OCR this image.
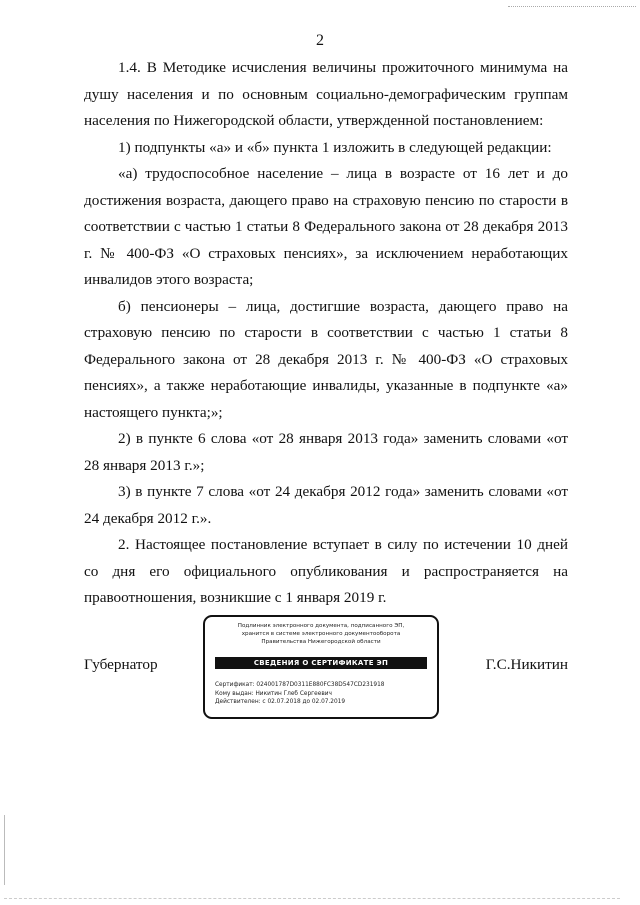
2

1.4. В Методике исчисления величины прожиточного минимума на душу населения и по основным социально-демографическим группам населения по Нижегородской области, утвержденной постановлением:

1) подпункты «а» и «б» пункта 1 изложить в следующей редакции:

«а) трудоспособное население – лица в возрасте от 16 лет и до достижения возраста, дающего право на страховую пенсию по старости в соответствии с частью 1 статьи 8 Федерального закона от 28 декабря 2013 г. № 400-ФЗ «О страховых пенсиях», за исключением неработающих инвалидов этого возраста;

б) пенсионеры – лица, достигшие возраста, дающего право на страховую пенсию по старости в соответствии с частью 1 статьи 8 Федерального закона от 28 декабря 2013 г. № 400-ФЗ «О страховых пенсиях», а также неработающие инвалиды, указанные в подпункте «а» настоящего пункта;»;

2) в пункте 6 слова «от 28 января 2013 года» заменить словами «от 28 января 2013 г.»;

3) в пункте 7 слова «от 24 декабря 2012 года» заменить словами «от 24 декабря 2012 г.».

2. Настоящее постановление вступает в силу по истечении 10 дней со дня его официального опубликования и распространяется на правоотношения, возникшие с 1 января 2019 г.

Губернатор	Г.С.Никитин
Подлинник электронного документа, подписанного ЭП,
хранится в системе электронного документооборота
Правительства Нижегородской области
СВЕДЕНИЯ О СЕРТИФИКАТЕ ЭП
Сертификат: 024001787D0311E880FC38D547CD231918
Кому выдан: Никитин Глеб Сергеевич
Действителен: с 02.07.2018 до 02.07.2019
